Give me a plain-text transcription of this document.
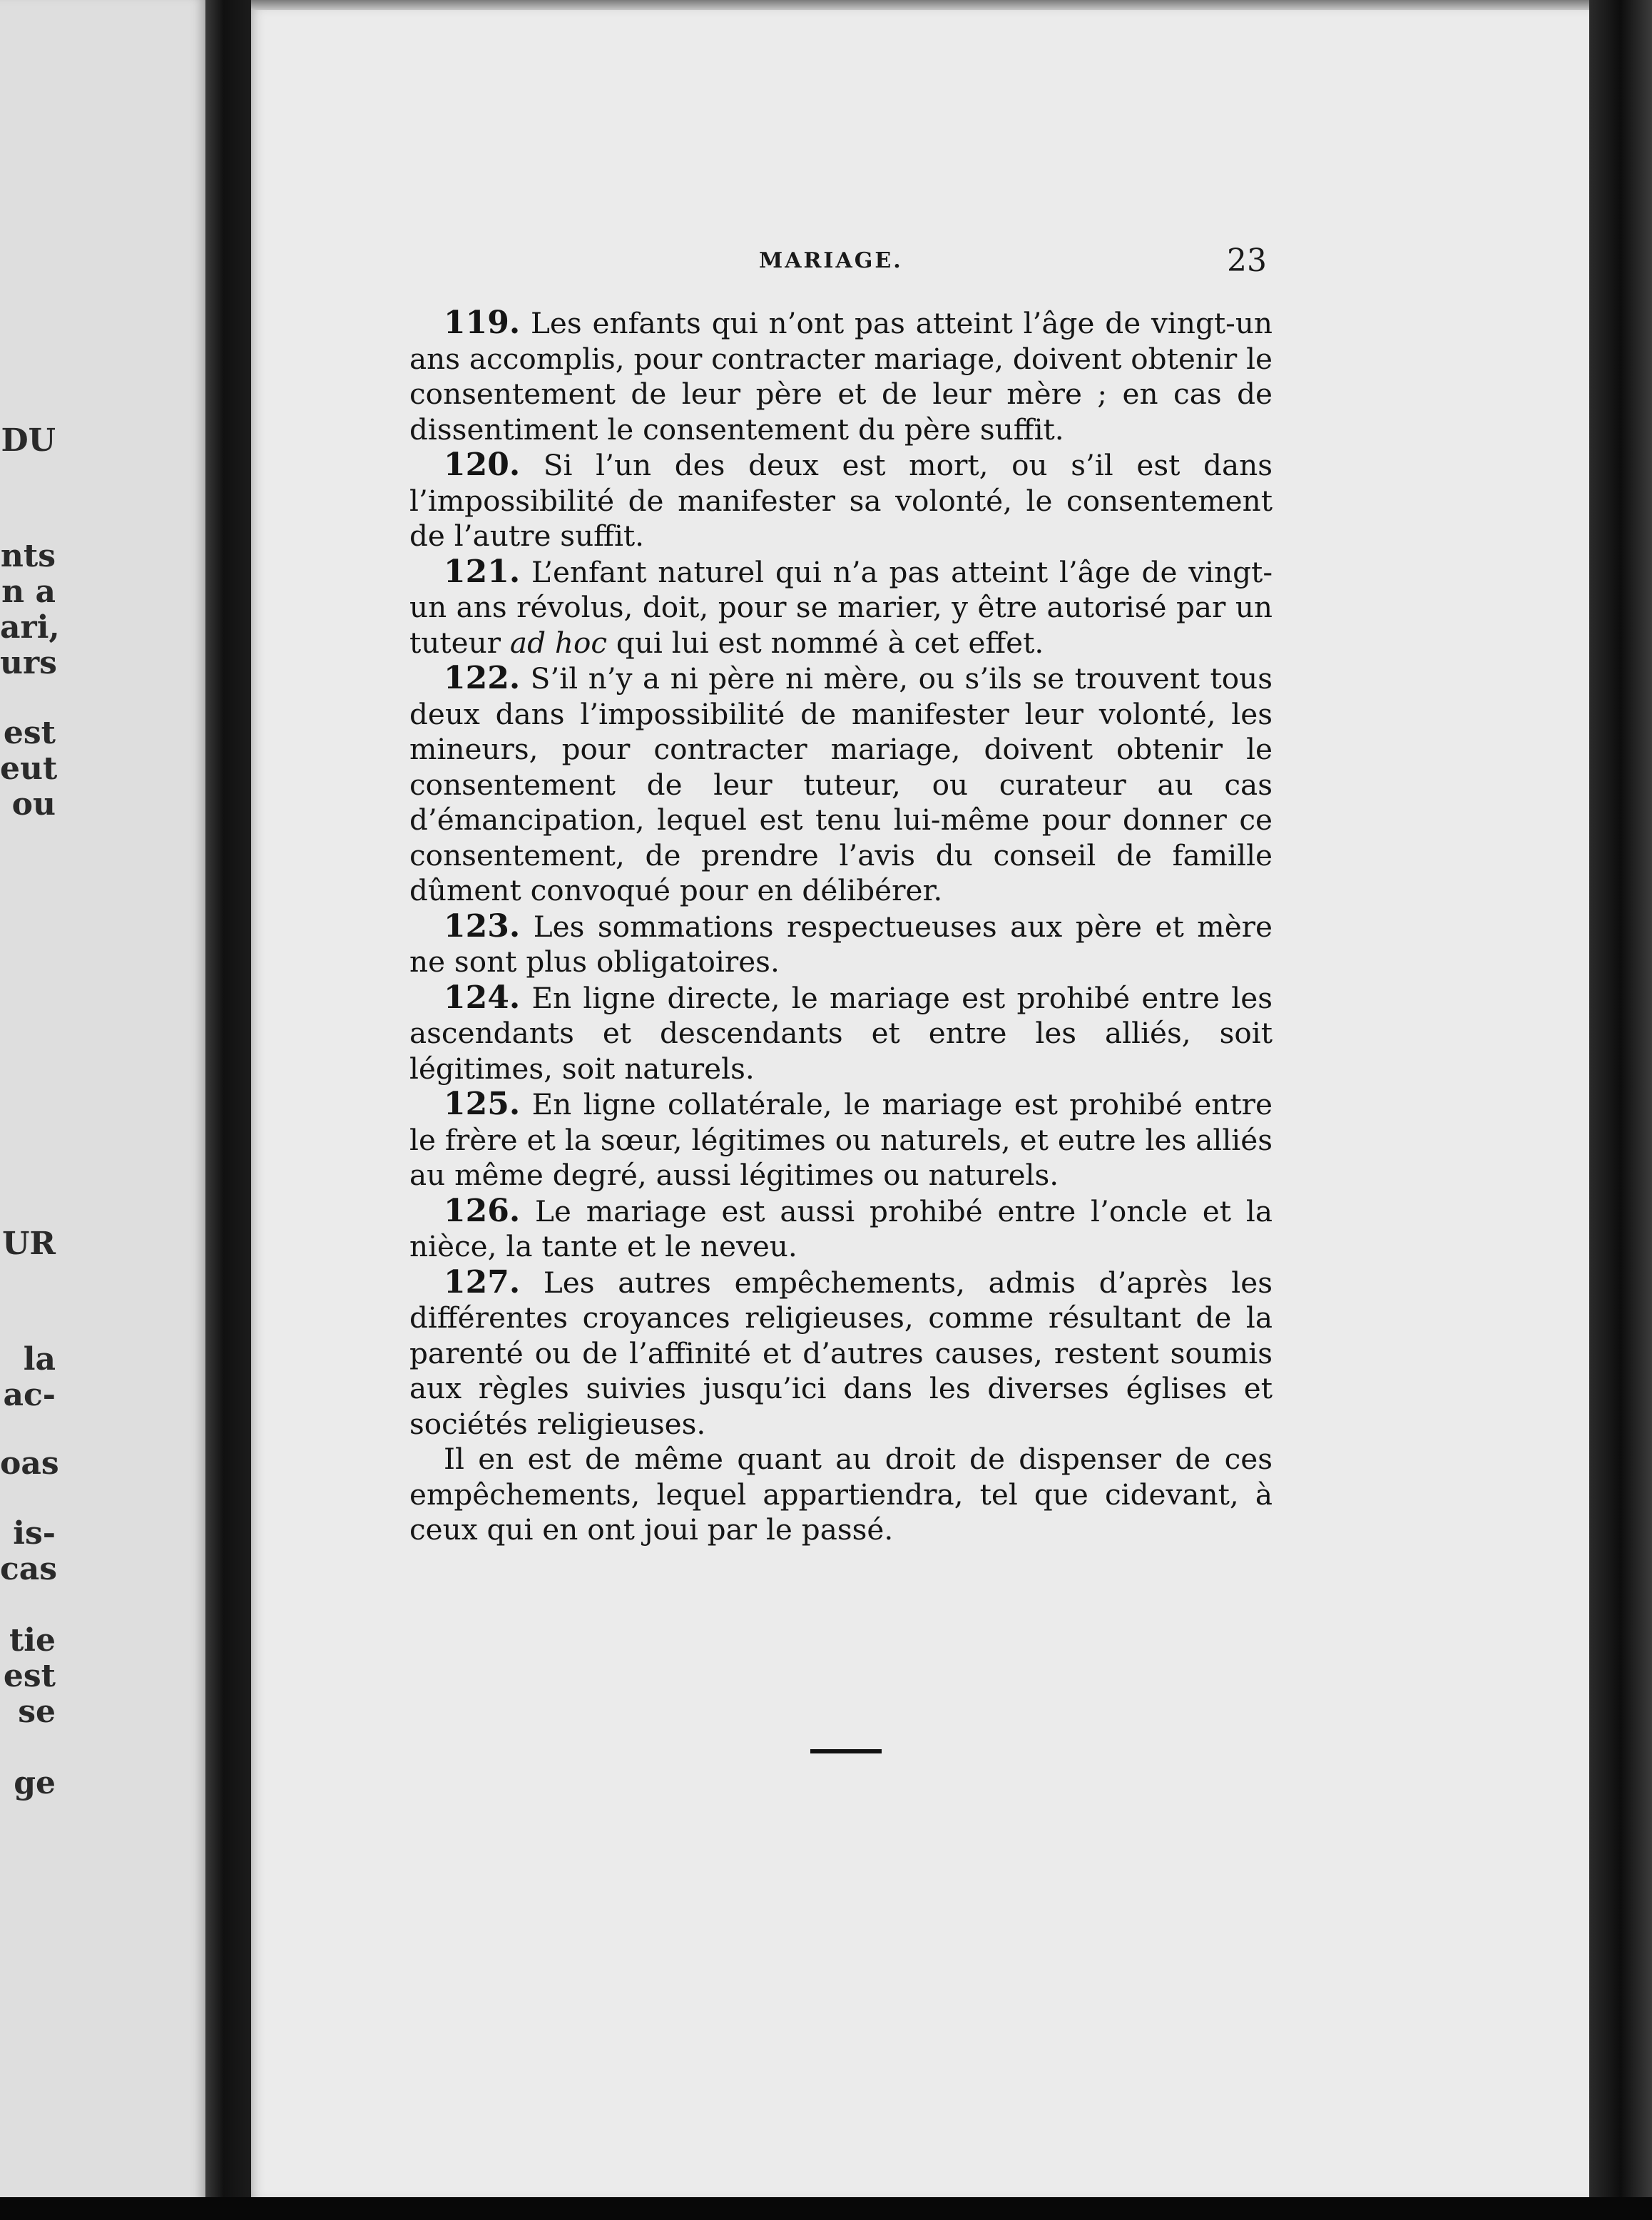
DU
nts
n a
ari,
urs
est
eut
ou
UR
la
ac-
oas
is-
cas
tie
est
se
ge
MARIAGE.	23

119. Les enfants qui n’ont pas atteint l’âge de vingt-un ans accomplis, pour contracter mariage, doivent obtenir le consentement de leur père et de leur mère ; en cas de dissentiment le consentement du père suffit.

120. Si l’un des deux est mort, ou s’il est dans l’impossibilité de manifester sa volonté, le consentement de l’autre suffit.

121. L’enfant naturel qui n’a pas atteint l’âge de vingt-un ans révolus, doit, pour se marier, y être autorisé par un tuteur ad hoc qui lui est nommé à cet effet.

122. S’il n’y a ni père ni mère, ou s’ils se trouvent tous deux dans l’impossibilité de manifester leur volonté, les mineurs, pour contracter mariage, doivent obtenir le consentement de leur tuteur, ou curateur au cas d’émancipation, lequel est tenu lui-même pour donner ce consentement, de prendre l’avis du conseil de famille dûment convoqué pour en délibérer.

123. Les sommations respectueuses aux père et mère ne sont plus obligatoires.

124. En ligne directe, le mariage est prohibé entre les ascendants et descendants et entre les alliés, soit légitimes, soit naturels.

125. En ligne collatérale, le mariage est prohibé entre le frère et la sœur, légitimes ou naturels, et eutre les alliés au même degré, aussi légitimes ou naturels.

126. Le mariage est aussi prohibé entre l’oncle et la nièce, la tante et le neveu.

127. Les autres empêchements, admis d’après les différentes croyances religieuses, comme résultant de la parenté ou de l’affinité et d’autres causes, restent soumis aux règles suivies jusqu’ici dans les diverses églises et sociétés religieuses.

Il en est de même quant au droit de dispenser de ces empêchements, lequel appartiendra, tel que cidevant, à ceux qui en ont joui par le passé.
